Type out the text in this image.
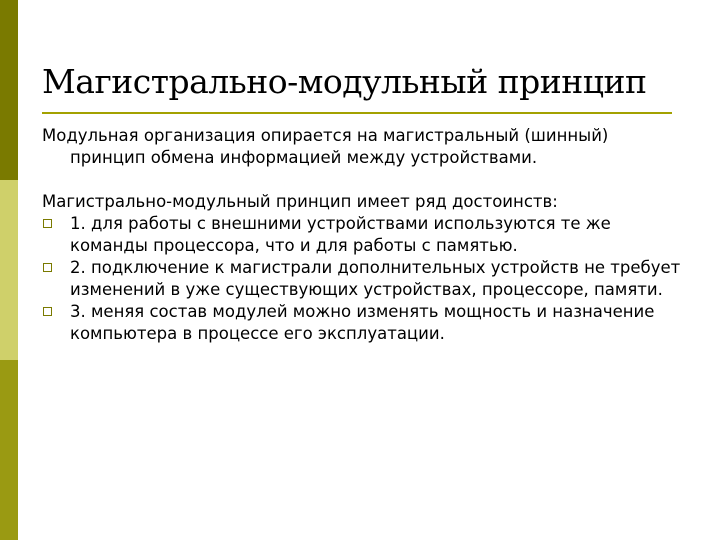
Магистрально-модульный принцип

Модульная организация опирается на магистральный (шинный) принцип обмена информацией между устройствами.

Магистрально-модульный принцип имеет ряд достоинств:

1. для работы с внешними устройствами используются те же команды процессора, что и для работы с памятью.
2. подключение к магистрали дополнительных устройств не требует изменений в уже существующих устройствах, процессоре, памяти.
3. меняя состав модулей можно изменять мощность и назначение компьютера в процессе его эксплуатации.
